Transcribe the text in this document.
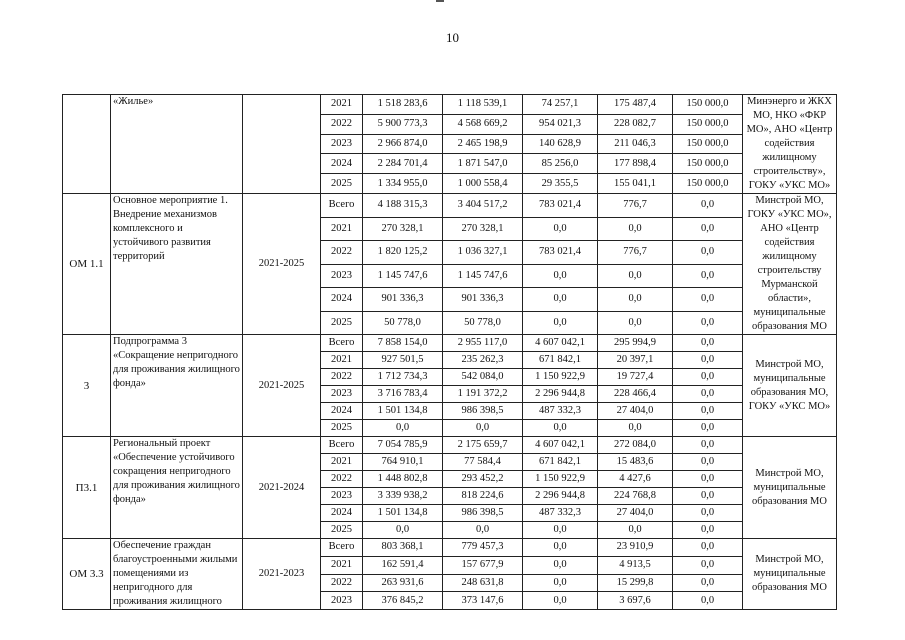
10
	«Жилье»		2021	1 518 283,6	1 118 539,1	74 257,1	175 487,4	150 000,0	Минэнерго и ЖКХ МО, НКО «ФКР МО», АНО «Центр содействия жилищному строительству», ГОКУ «УКС МО»
			2022	5 900 773,3	4 568 669,2	954 021,3	228 082,7	150 000,0	
			2023	2 966 874,0	2 465 198,9	140 628,9	211 046,3	150 000,0	
			2024	2 284 701,4	1 871 547,0	85 256,0	177 898,4	150 000,0	
			2025	1 334 955,0	1 000 558,4	29 355,5	155 041,1	150 000,0	
ОМ 1.1	Основное мероприятие 1. Внедрение механизмов комплексного и устойчивого развития территорий	2021-2025	Всего	4 188 315,3	3 404 517,2	783 021,4	776,7	0,0	Минстрой МО, ГОКУ «УКС МО», АНО «Центр содействия жилищному строительству Мурманской области», муниципальные образования МО
			2021	270 328,1	270 328,1	0,0	0,0	0,0	
			2022	1 820 125,2	1 036 327,1	783 021,4	776,7	0,0	
			2023	1 145 747,6	1 145 747,6	0,0	0,0	0,0	
			2024	901 336,3	901 336,3	0,0	0,0	0,0	
			2025	50 778,0	50 778,0	0,0	0,0	0,0	
3	Подпрограмма 3 «Сокращение непригодного для проживания жилищного фонда»	2021-2025	Всего	7 858 154,0	2 955 117,0	4 607 042,1	295 994,9	0,0	Минстрой МО, муниципальные образования МО, ГОКУ «УКС МО»
			2021	927 501,5	235 262,3	671 842,1	20 397,1	0,0	
			2022	1 712 734,3	542 084,0	1 150 922,9	19 727,4	0,0	
			2023	3 716 783,4	1 191 372,2	2 296 944,8	228 466,4	0,0	
			2024	1 501 134,8	986 398,5	487 332,3	27 404,0	0,0	
			2025	0,0	0,0	0,0	0,0	0,0	
П3.1	Региональный проект «Обеспечение устойчивого сокращения непригодного для проживания жилищного фонда»	2021-2024	Всего	7 054 785,9	2 175 659,7	4 607 042,1	272 084,0	0,0	Минстрой МО, муниципальные образования МО
			2021	764 910,1	77 584,4	671 842,1	15 483,6	0,0	
			2022	1 448 802,8	293 452,2	1 150 922,9	4 427,6	0,0	
			2023	3 339 938,2	818 224,6	2 296 944,8	224 768,8	0,0	
			2024	1 501 134,8	986 398,5	487 332,3	27 404,0	0,0	
			2025	0,0	0,0	0,0	0,0	0,0	
ОМ 3.3	Обеспечение граждан благоустроенными жилыми помещениями из непригодного для проживания жилищного	2021-2023	Всего	803 368,1	779 457,3	0,0	23 910,9	0,0	Минстрой МО, муниципальные образования МО
			2021	162 591,4	157 677,9	0,0	4 913,5	0,0	
			2022	263 931,6	248 631,8	0,0	15 299,8	0,0	
			2023	376 845,2	373 147,6	0,0	3 697,6	0,0	
